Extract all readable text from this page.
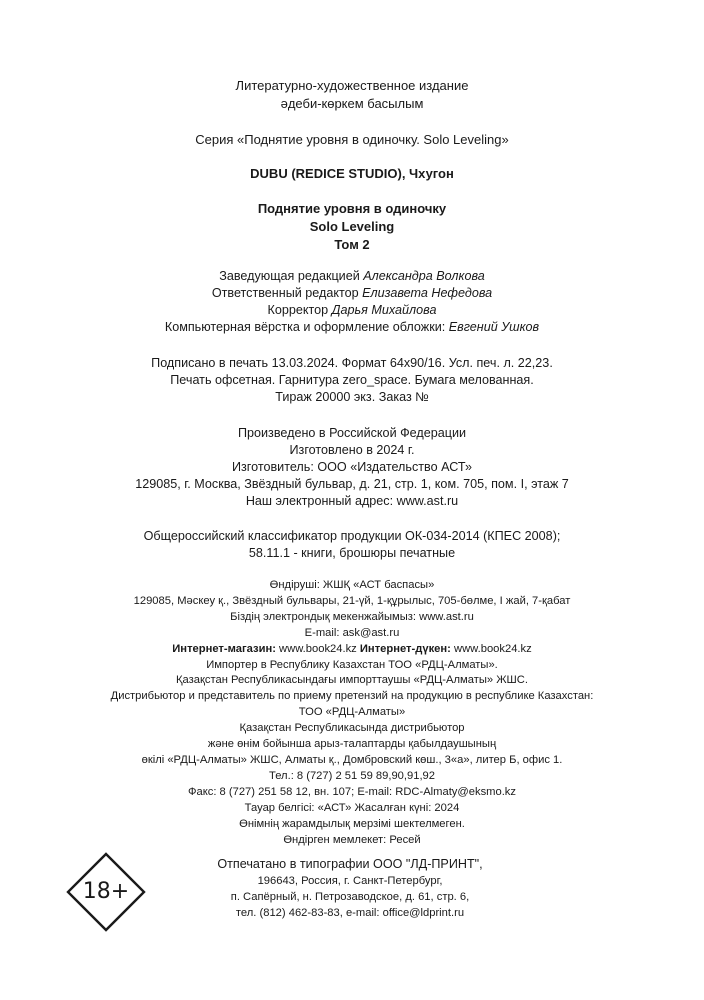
Литературно-художественное издание
әдеби-көркем басылым
Серия «Поднятие уровня в одиночку. Solo Leveling»
DUBU (REDICE STUDIO), Чхугон
Поднятие уровня в одиночку
Solo Leveling
Том 2
Заведующая редакцией Александра Волкова
Ответственный редактор Елизавета Нефедова
Корректор Дарья Михайлова
Компьютерная вёрстка и оформление обложки: Евгений Ушков
Подписано в печать 13.03.2024. Формат 64х90/16. Усл. печ. л. 22,23.
Печать офсетная. Гарнитура zero_space. Бумага мелованная.
Тираж 20000 экз. Заказ №
Произведено в Российской Федерации
Изготовлено в 2024 г.
Изготовитель: ООО «Издательство АСТ»
129085, г. Москва, Звёздный бульвар, д. 21, стр. 1, ком. 705, пом. I, этаж 7
Наш электронный адрес: www.ast.ru
Общероссийский классификатор продукции ОК-034-2014 (КПЕС 2008);
58.11.1 - книги, брошюры печатные
Өндіруші: ЖШҚ «АСТ баспасы»
129085, Мәскеу қ., Звёздный бульвары, 21-үй, 1-құрылыс, 705-бөлме, I жай, 7-қабат
Біздің электрондық мекенжайымыз: www.ast.ru
E-mail: ask@ast.ru
Интернет-магазин: www.book24.kz Интернет-дүкен: www.book24.kz
Импортер в Республику Казахстан ТОО «РДЦ-Алматы».
Қазақстан Республикасындағы импорттаушы «РДЦ-Алматы» ЖШС.
Дистрибьютор и представитель по приему претензий на продукцию в республике Казахстан:
ТОО «РДЦ-Алматы»
Қазақстан Республикасында дистрибьютор
және өнім бойынша арыз-талаптарды қабылдаушының
өкілі «РДЦ-Алматы» ЖШС, Алматы қ., Домбровский көш., 3«а», литер Б, офис 1.
Тел.: 8 (727) 2 51 59 89,90,91,92
Факс: 8 (727) 251 58 12, вн. 107; E-mail: RDC-Almaty@eksmo.kz
Тауар белгісі: «АСТ» Жасалған күні: 2024
Өнімнің жарамдылық мерзімі шектелмеген.
Өндірген мемлекет: Ресей
18+
Отпечатано в типографии ООО "ЛД-ПРИНТ",
196643, Россия, г. Санкт-Петербург,
п. Сапёрный, н. Петрозаводское, д. 61, стр. 6,
тел. (812) 462-83-83, e-mail: office@ldprint.ru
